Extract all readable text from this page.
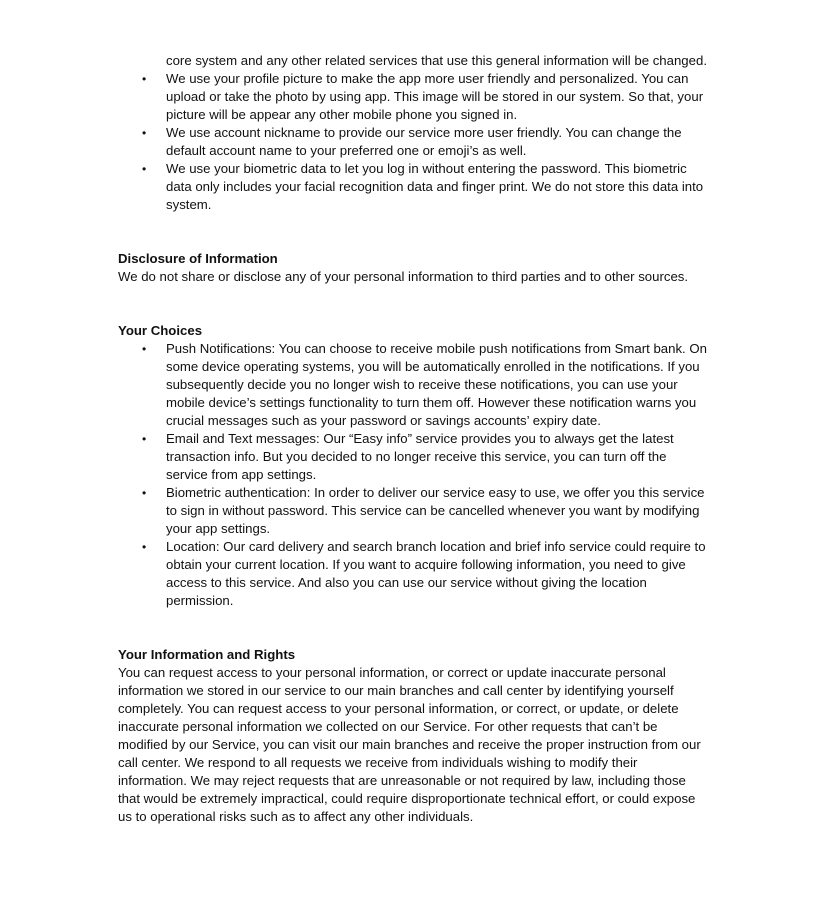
core system and any other related services that use this general information will be changed.

• We use your profile picture to make the app more user friendly and personalized. You can upload or take the photo by using app. This image will be stored in our system. So that, your picture will be appear any other mobile phone you signed in.
• We use account nickname to provide our service more user friendly. You can change the default account name to your preferred one or emoji’s as well.
• We use your biometric data to let you log in without entering the password. This biometric data only includes your facial recognition data and finger print. We do not store this data into system.
Disclosure of Information

We do not share or disclose any of your personal information to third parties and to other sources.

Your Choices
• Push Notifications: You can choose to receive mobile push notifications from Smart bank. On some device operating systems, you will be automatically enrolled in the notifications. If you subsequently decide you no longer wish to receive these notifications, you can use your mobile device’s settings functionality to turn them off. However these notification warns you crucial messages such as your password or savings accounts’ expiry date.
• Email and Text messages: Our “Easy info” service provides you to always get the latest transaction info. But you decided to no longer receive this service, you can turn off the service from app settings.
• Biometric authentication: In order to deliver our service easy to use, we offer you this service to sign in without password. This service can be cancelled whenever you want by modifying your app settings.
• Location: Our card delivery and search branch location and brief info service could require to obtain your current location. If you want to acquire following information, you need to give access to this service. And also you can use our service without giving the location permission.
Your Information and Rights

You can request access to your personal information, or correct or update inaccurate personal information we stored in our service to our main branches and call center by identifying yourself completely. You can request access to your personal information, or correct, or update, or delete inaccurate personal information we collected on our Service. For other requests that can’t be modified by our Service, you can visit our main branches and receive the proper instruction from our call center. We respond to all requests we receive from individuals wishing to modify their information. We may reject requests that are unreasonable or not required by law, including those that would be extremely impractical, could require disproportionate technical effort, or could expose us to operational risks such as to affect any other individuals.
